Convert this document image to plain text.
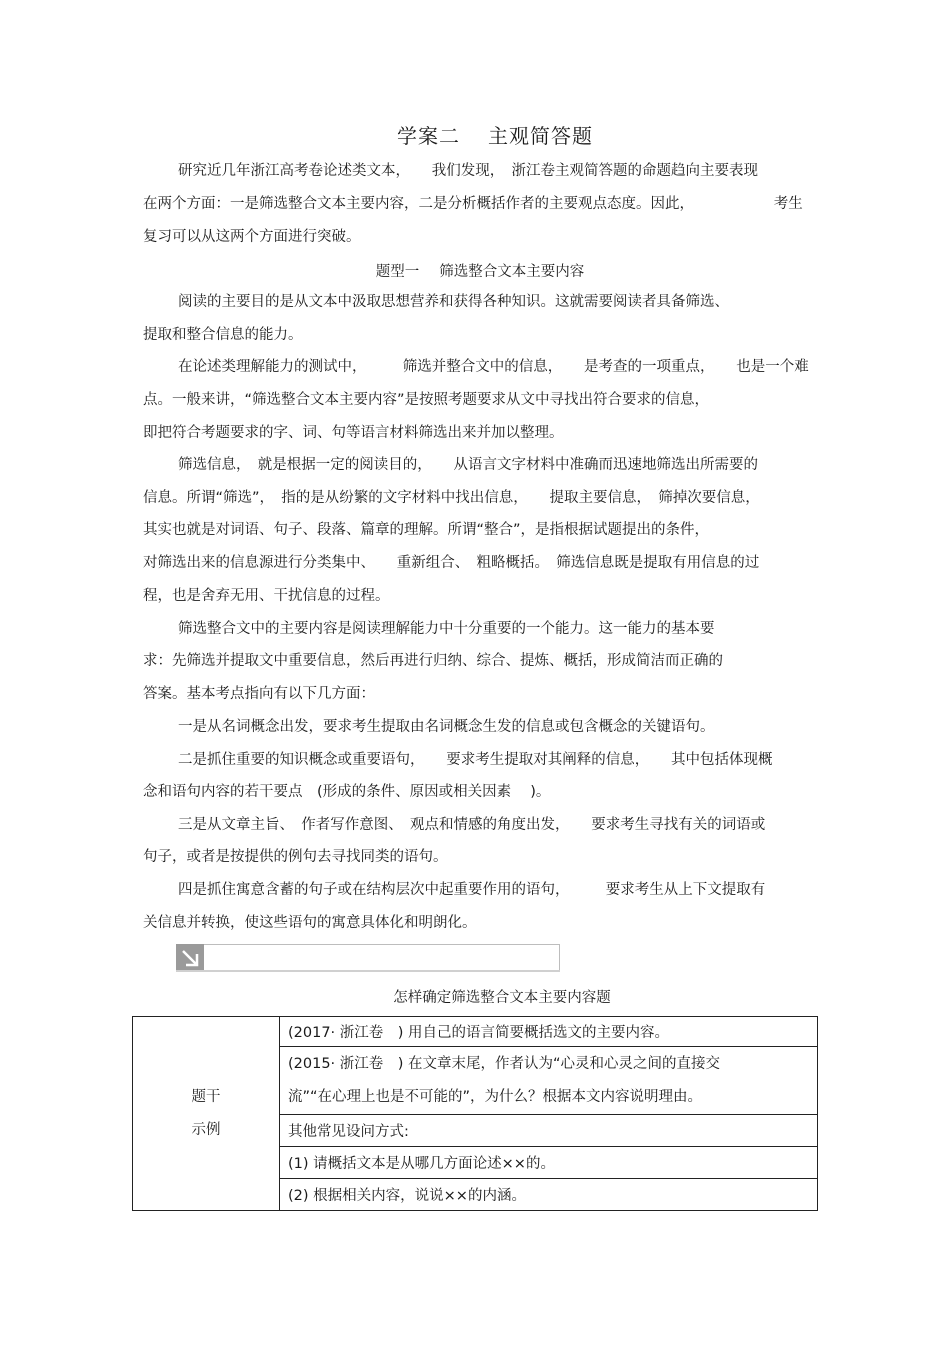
学案二 主观简答题
研究近几年浙江高考卷论述类文本，　　我们发现，　浙江卷主观简答题的命题趋向主要表现
在两个方面：一是筛选整合文本主要内容，二是分析概括作者的主要观点态度。因此，　　　　　　考生
复习可以从这两个方面进行突破。
题型一 筛选整合文本主要内容
阅读的主要目的是从文本中汲取思想营养和获得各种知识。这就需要阅读者具备筛选、
提取和整合信息的能力。
在论述类理解能力的测试中，　　　筛选并整合文中的信息，　　是考查的一项重点，　　也是一个难
点。一般来讲，“筛选整合文本主要内容”是按照考题要求从文中寻找出符合要求的信息，
即把符合考题要求的字、词、句等语言材料筛选出来并加以整理。
筛选信息，　就是根据一定的阅读目的，　　从语言文字材料中准确而迅速地筛选出所需要的
信息。所谓“筛选”，　指的是从纷繁的文字材料中找出信息，　　提取主要信息，　筛掉次要信息，
其实也就是对词语、句子、段落、篇章的理解。所谓“整合”，是指根据试题提出的条件，
对筛选出来的信息源进行分类集中、　　重新组合、　粗略概括。　筛选信息既是提取有用信息的过
程，也是舍弃无用、干扰信息的过程。
筛选整合文中的主要内容是阅读理解能力中十分重要的一个能力。这一能力的基本要
求：先筛选并提取文中重要信息，然后再进行归纳、综合、提炼、概括，形成简洁而正确的
答案。基本考点指向有以下几方面：
一是从名词概念出发，要求考生提取由名词概念生发的信息或包含概念的关键语句。
二是抓住重要的知识概念或重要语句，　　要求考生提取对其阐释的信息，　　其中包括体现概
念和语句内容的若干要点　(形成的条件、原因或相关因素　 )。
三是从文章主旨、　作者写作意图、　观点和情感的角度出发，　　要求考生寻找有关的词语或
句子，或者是按提供的例句去寻找同类的语句。
四是抓住寓意含蓄的句子或在结构层次中起重要作用的语句，　　　要求考生从上下文提取有
关信息并转换，使这些语句的寓意具体化和明朗化。
怎样确定筛选整合文本主要内容题
题干
示例
	(2017· 浙江卷　) 用自己的语言简要概括选文的主要内容。

(2015· 浙江卷　) 在文章末尾，作者认为“心灵和心灵之间的直接交
流”“在心理上也是不可能的”，为什么？根据本文内容说明理由。

其他常见设问方式:
(1) 请概括文本是从哪几方面论述××的。
(2) 根据相关内容，说说××的内涵。
